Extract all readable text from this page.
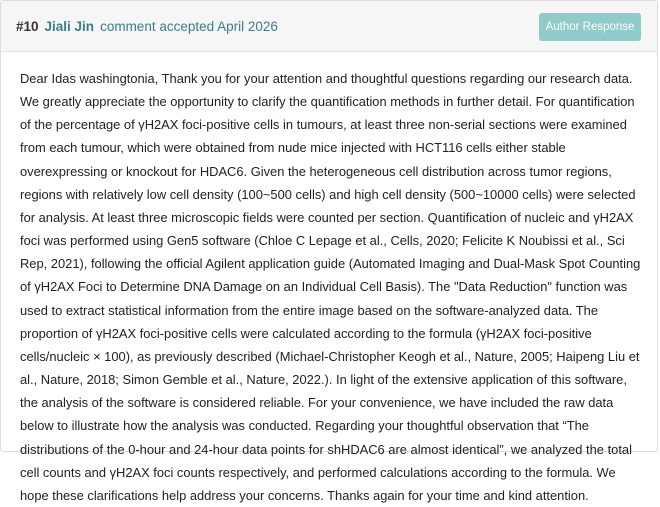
#10 Jiali Jin comment accepted April 2026	Author Response

Dear Idas washingtonia, Thank you for your attention and thoughtful questions regarding our research data. We greatly appreciate the opportunity to clarify the quantification methods in further detail. For quantification of the percentage of γH2AX foci-positive cells in tumours, at least three non-serial sections were examined from each tumour, which were obtained from nude mice injected with HCT116 cells either stable overexpressing or knockout for HDAC6. Given the heterogeneous cell distribution across tumor regions, regions with relatively low cell density (100~500 cells) and high cell density (500~10000 cells) were selected for analysis. At least three microscopic fields were counted per section. Quantification of nucleic and γH2AX foci was performed using Gen5 software (Chloe C Lepage et al., Cells, 2020; Felicite K Noubissi et al., Sci Rep, 2021), following the official Agilent application guide (Automated Imaging and Dual-Mask Spot Counting of γH2AX Foci to Determine DNA Damage on an Individual Cell Basis). The "Data Reduction" function was used to extract statistical information from the entire image based on the software-analyzed data. The proportion of γH2AX foci-positive cells were calculated according to the formula (γH2AX foci-positive cells/nucleic × 100), as previously described (Michael-Christopher Keogh et al., Nature, 2005; Haipeng Liu et al., Nature, 2018; Simon Gemble et al., Nature, 2022.). In light of the extensive application of this software, the analysis of the software is considered reliable. For your convenience, we have included the raw data below to illustrate how the analysis was conducted. Regarding your thoughtful observation that “The distributions of the 0-hour and 24-hour data points for shHDAC6 are almost identical”, we analyzed the total cell counts and γH2AX foci counts respectively, and performed calculations according to the formula. We hope these clarifications help address your concerns. Thanks again for your time and kind attention.
